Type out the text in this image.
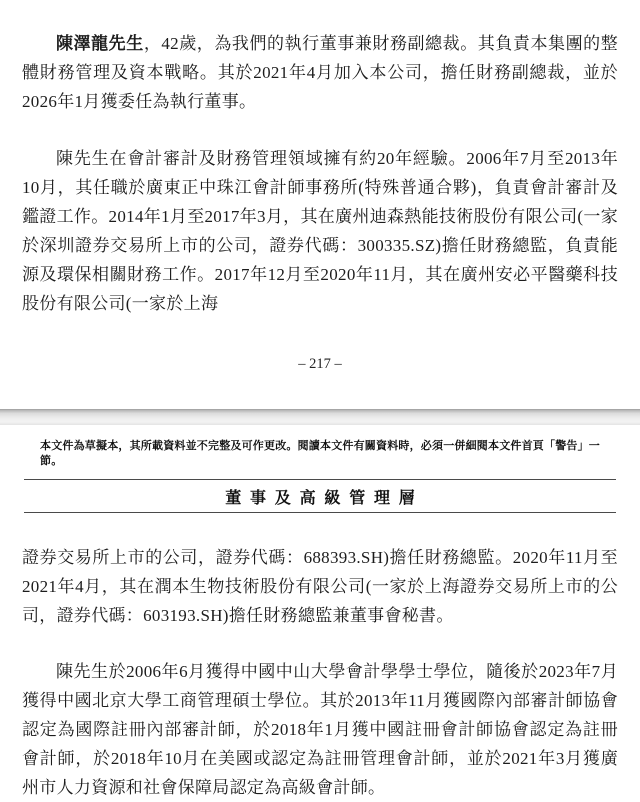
陳澤龍先生，42歲，為我們的執行董事兼財務副總裁。其負責本集團的整體財務管理及資本戰略。其於2021年4月加入本公司，擔任財務副總裁，並於2026年1月獲委任為執行董事。

陳先生在會計審計及財務管理領域擁有約20年經驗。2006年7月至2013年10月，其任職於廣東正中珠江會計師事務所(特殊普通合夥)，負責會計審計及鑑證工作。2014年1月至2017年3月，其在廣州迪森熱能技術股份有限公司(一家於深圳證券交易所上市的公司，證券代碼：300335.SZ)擔任財務總監，負責能源及環保相關財務工作。2017年12月至2020年11月，其在廣州安必平醫藥科技股份有限公司(一家於上海

– 217 –
本文件為草擬本，其所載資料並不完整及可作更改。閱讀本文件有關資料時，必須一併細閱本文件首頁「警告」一節。
董事及高級管理層

證券交易所上市的公司，證券代碼：688393.SH)擔任財務總監。2020年11月至2021年4月，其在潤本生物技術股份有限公司(一家於上海證券交易所上市的公司，證券代碼：603193.SH)擔任財務總監兼董事會秘書。

陳先生於2006年6月獲得中國中山大學會計學學士學位，隨後於2023年7月獲得中國北京大學工商管理碩士學位。其於2013年11月獲國際內部審計師協會認定為國際註冊內部審計師，於2018年1月獲中國註冊會計師協會認定為註冊會計師，於2018年10月在美國或認定為註冊管理會計師，並於2021年3月獲廣州市人力資源和社會保障局認定為高級會計師。
